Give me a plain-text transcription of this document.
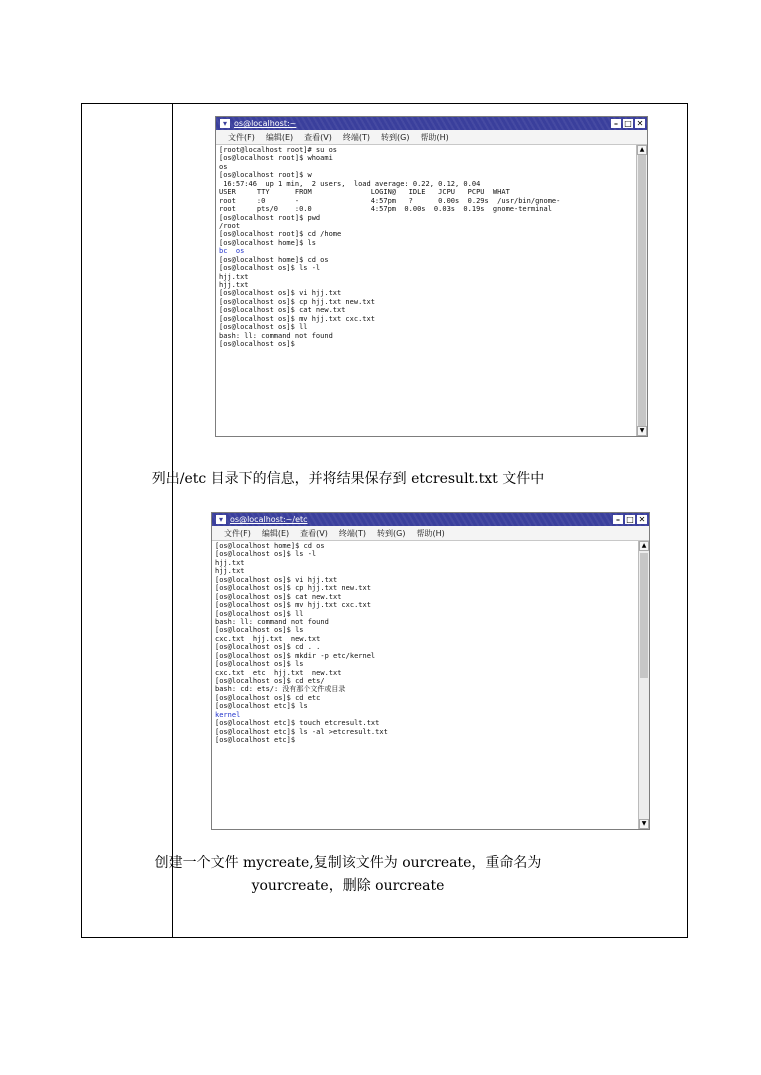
▾ os@localhost:~	– □ ✕
文件(F) 编辑(E) 查看(V) 终端(T) 转到(G) 帮助(H)
[root@localhost root]# su os
[os@localhost root]$ whoami
os
[os@localhost root]$ w
16:57:46  up 1 min,  2 users,  load average: 0.22, 0.12, 0.04
USER     TTY      FROM              LOGIN@   IDLE   JCPU   PCPU  WHAT
root     :0       -                 4:57pm   ?      0.00s  0.29s  /usr/bin/gnome-
root     pts/0    :0.0              4:57pm  0.00s  0.03s  0.19s  gnome-terminal
[os@localhost root]$ pwd
/root
[os@localhost root]$ cd /home
[os@localhost home]$ ls
bc  os
[os@localhost home]$ cd os
[os@localhost os]$ ls -l
hjj.txt
hjj.txt
[os@localhost os]$ vi hjj.txt
[os@localhost os]$ cp hjj.txt new.txt
[os@localhost os]$ cat new.txt
[os@localhost os]$ mv hjj.txt cxc.txt
[os@localhost os]$ ll
bash: ll: command not found
[os@localhost os]$
▲
▼
列出/etc 目录下的信息，并将结果保存到 etcresult.txt 文件中
▾ os@localhost:~/etc	– □ ✕
文件(F) 编辑(E) 查看(V) 终端(T) 转到(G) 帮助(H)
[os@localhost home]$ cd os
[os@localhost os]$ ls -l
hjj.txt
hjj.txt
[os@localhost os]$ vi hjj.txt
[os@localhost os]$ cp hjj.txt new.txt
[os@localhost os]$ cat new.txt
[os@localhost os]$ mv hjj.txt cxc.txt
[os@localhost os]$ ll
bash: ll: command not found
[os@localhost os]$ ls
cxc.txt  hjj.txt  new.txt
[os@localhost os]$ cd . .
[os@localhost os]$ mkdir -p etc/kernel
[os@localhost os]$ ls
cxc.txt  etc  hjj.txt  new.txt
[os@localhost os]$ cd ets/
bash: cd: ets/: 没有那个文件或目录
[os@localhost os]$ cd etc
[os@localhost etc]$ ls
kernel
[os@localhost etc]$ touch etcresult.txt
[os@localhost etc]$ ls -al >etcresult.txt
[os@localhost etc]$
▲
▼
创建一个文件 mycreate,复制该文件为 ourcreate，重命名为
yourcreate，删除 ourcreate
